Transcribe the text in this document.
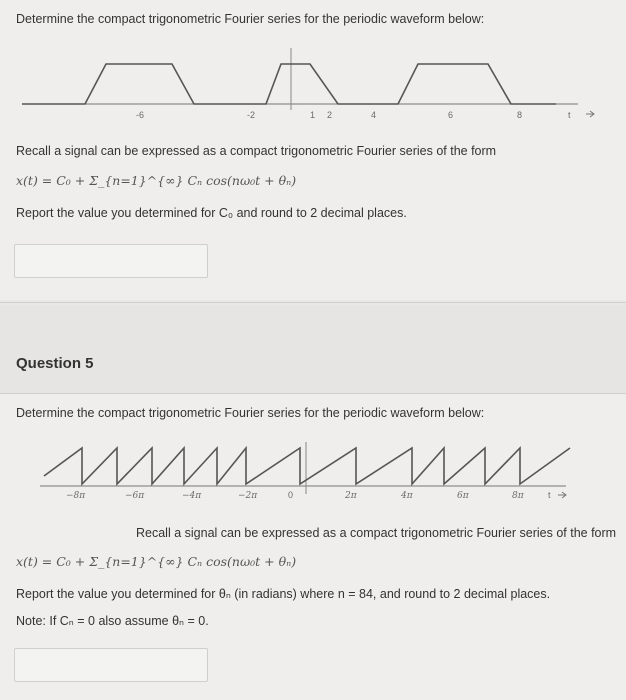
Determine the compact trigonometric Fourier series for the periodic waveform below:
-6	-2	1 2	4	6	8	t
Recall a signal can be expressed as a compact trigonometric Fourier series of the form
x(t) = C₀ + Σ_{n=1}^{∞} Cₙ cos(nω₀t + θₙ)
Report the value you determined for C₀ and round to 2 decimal places.
Question 5
Determine the compact trigonometric Fourier series for the periodic waveform below:
−8π	−6π	−4π	−2π	0	2π	4π	6π	8π	t
Recall a signal can be expressed as a compact trigonometric Fourier series of the form
x(t) = C₀ + Σ_{n=1}^{∞} Cₙ cos(nω₀t + θₙ)
Report the value you determined for θₙ (in radians) where n = 84, and round to 2 decimal places.
Note: If Cₙ = 0 also assume θₙ = 0.
